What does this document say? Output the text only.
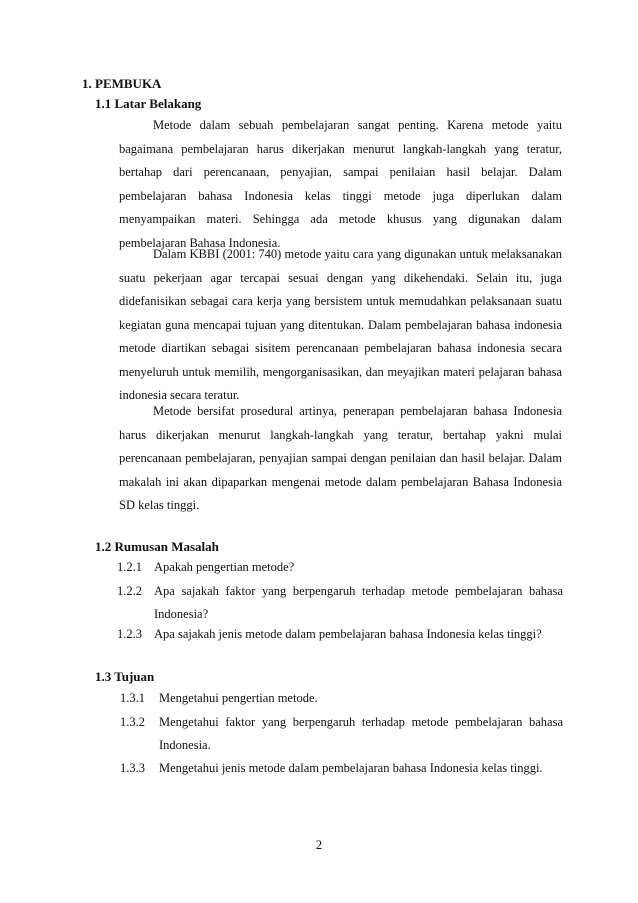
1. PEMBUKA
1.1 Latar Belakang

Metode dalam sebuah pembelajaran sangat penting. Karena metode yaitu bagaimana pembelajaran harus dikerjakan menurut langkah-langkah yang teratur, bertahap dari perencanaan, penyajian, sampai penilaian hasil belajar. Dalam pembelajaran bahasa Indonesia kelas tinggi metode juga diperlukan dalam menyampaikan materi. Sehingga ada metode khusus yang digunakan dalam pembelajaran Bahasa Indonesia.

Dalam KBBI (2001: 740) metode yaitu cara yang digunakan untuk melaksanakan suatu pekerjaan agar tercapai sesuai dengan yang dikehendaki. Selain itu, juga didefanisikan sebagai cara kerja yang bersistem untuk memudahkan pelaksanaan suatu kegiatan guna mencapai tujuan yang ditentukan. Dalam pembelajaran bahasa indonesia metode diartikan sebagai sisitem perencanaan pembelajaran bahasa indonesia secara menyeluruh untuk memilih, mengorganisasikan, dan meyajikan materi pelajaran bahasa indonesia secara teratur.

Metode bersifat prosedural artinya, penerapan pembelajaran bahasa Indonesia harus dikerjakan menurut langkah-langkah yang teratur, bertahap yakni mulai perencanaan pembelajaran, penyajian sampai dengan penilaian dan hasil belajar. Dalam makalah ini akan dipaparkan mengenai metode dalam pembelajaran Bahasa Indonesia SD kelas tinggi.

1.2 Rumusan Masalah
1.2.1 Apakah pengertian metode?
1.2.2 Apa sajakah faktor yang berpengaruh terhadap metode pembelajaran bahasa Indonesia?
1.2.3 Apa sajakah jenis metode dalam pembelajaran bahasa Indonesia kelas tinggi?
1.3 Tujuan
1.3.1 Mengetahui pengertian metode.
1.3.2 Mengetahui faktor yang berpengaruh terhadap metode pembelajaran bahasa Indonesia.
1.3.3 Mengetahui jenis metode dalam pembelajaran bahasa Indonesia kelas tinggi.
2
